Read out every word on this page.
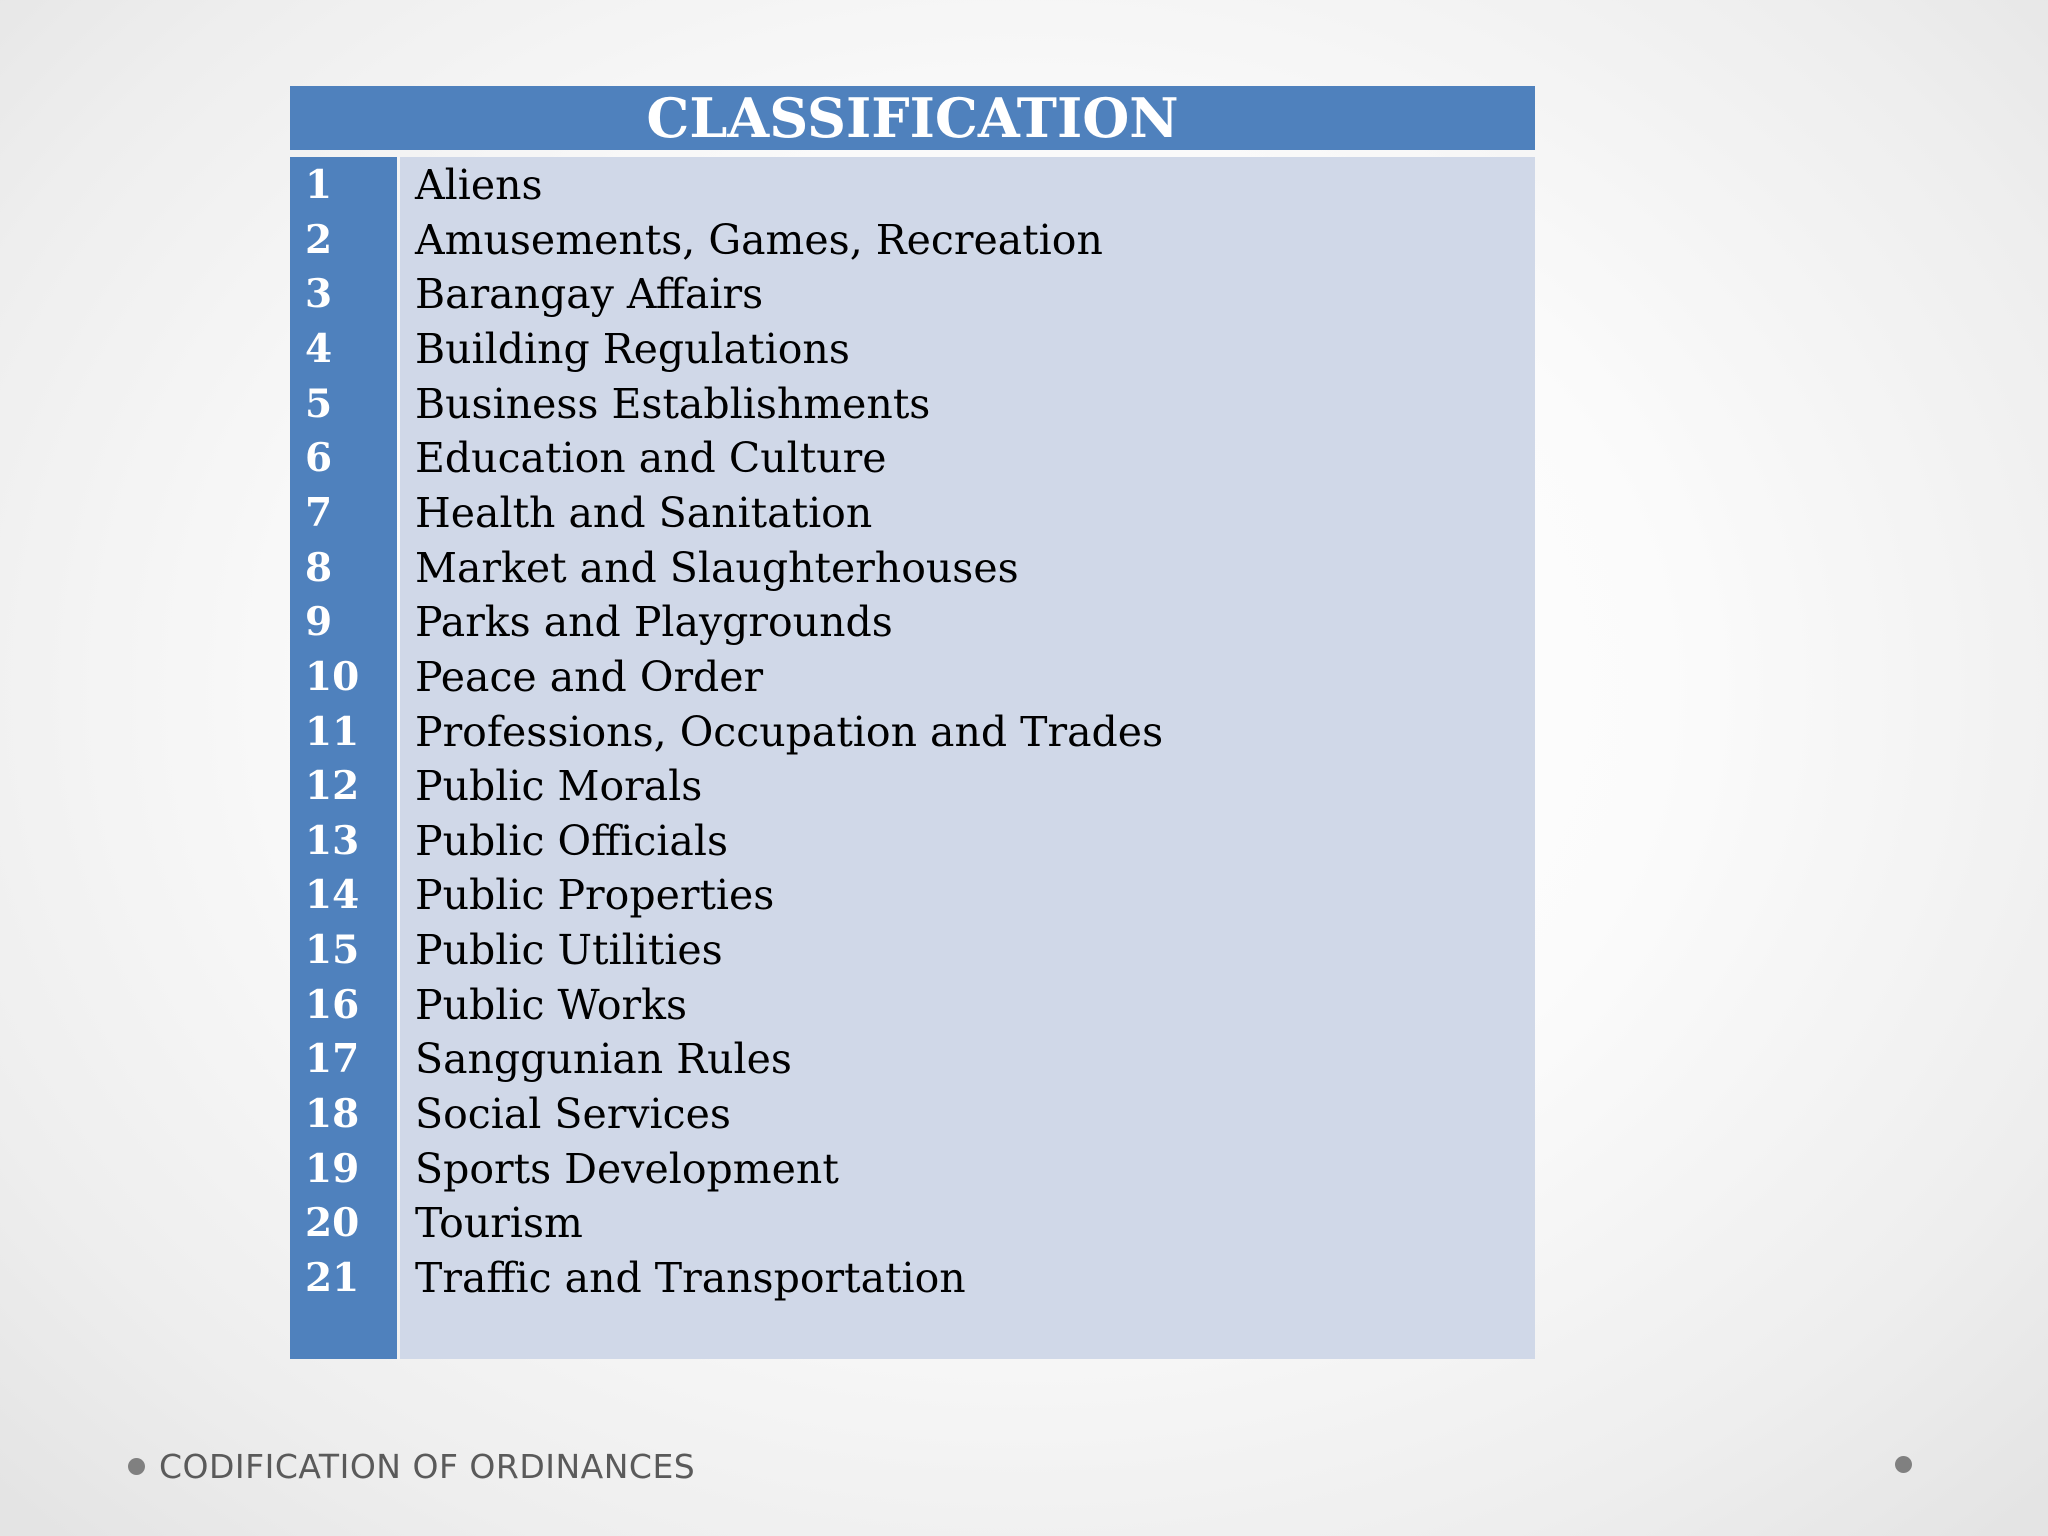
CLASSIFICATION
1	Aliens
2	Amusements, Games, Recreation
3	Barangay Affairs
4	Building Regulations
5	Business Establishments
6	Education and Culture
7	Health and Sanitation
8	Market and Slaughterhouses
9	Parks and Playgrounds
10	Peace and Order
11	Professions, Occupation and Trades
12	Public Morals
13	Public Officials
14	Public Properties
15	Public Utilities
16	Public Works
17	Sanggunian Rules
18	Social Services
19	Sports Development
20	Tourism
21	Traffic and Transportation
CODIFICATION OF ORDINANCES
